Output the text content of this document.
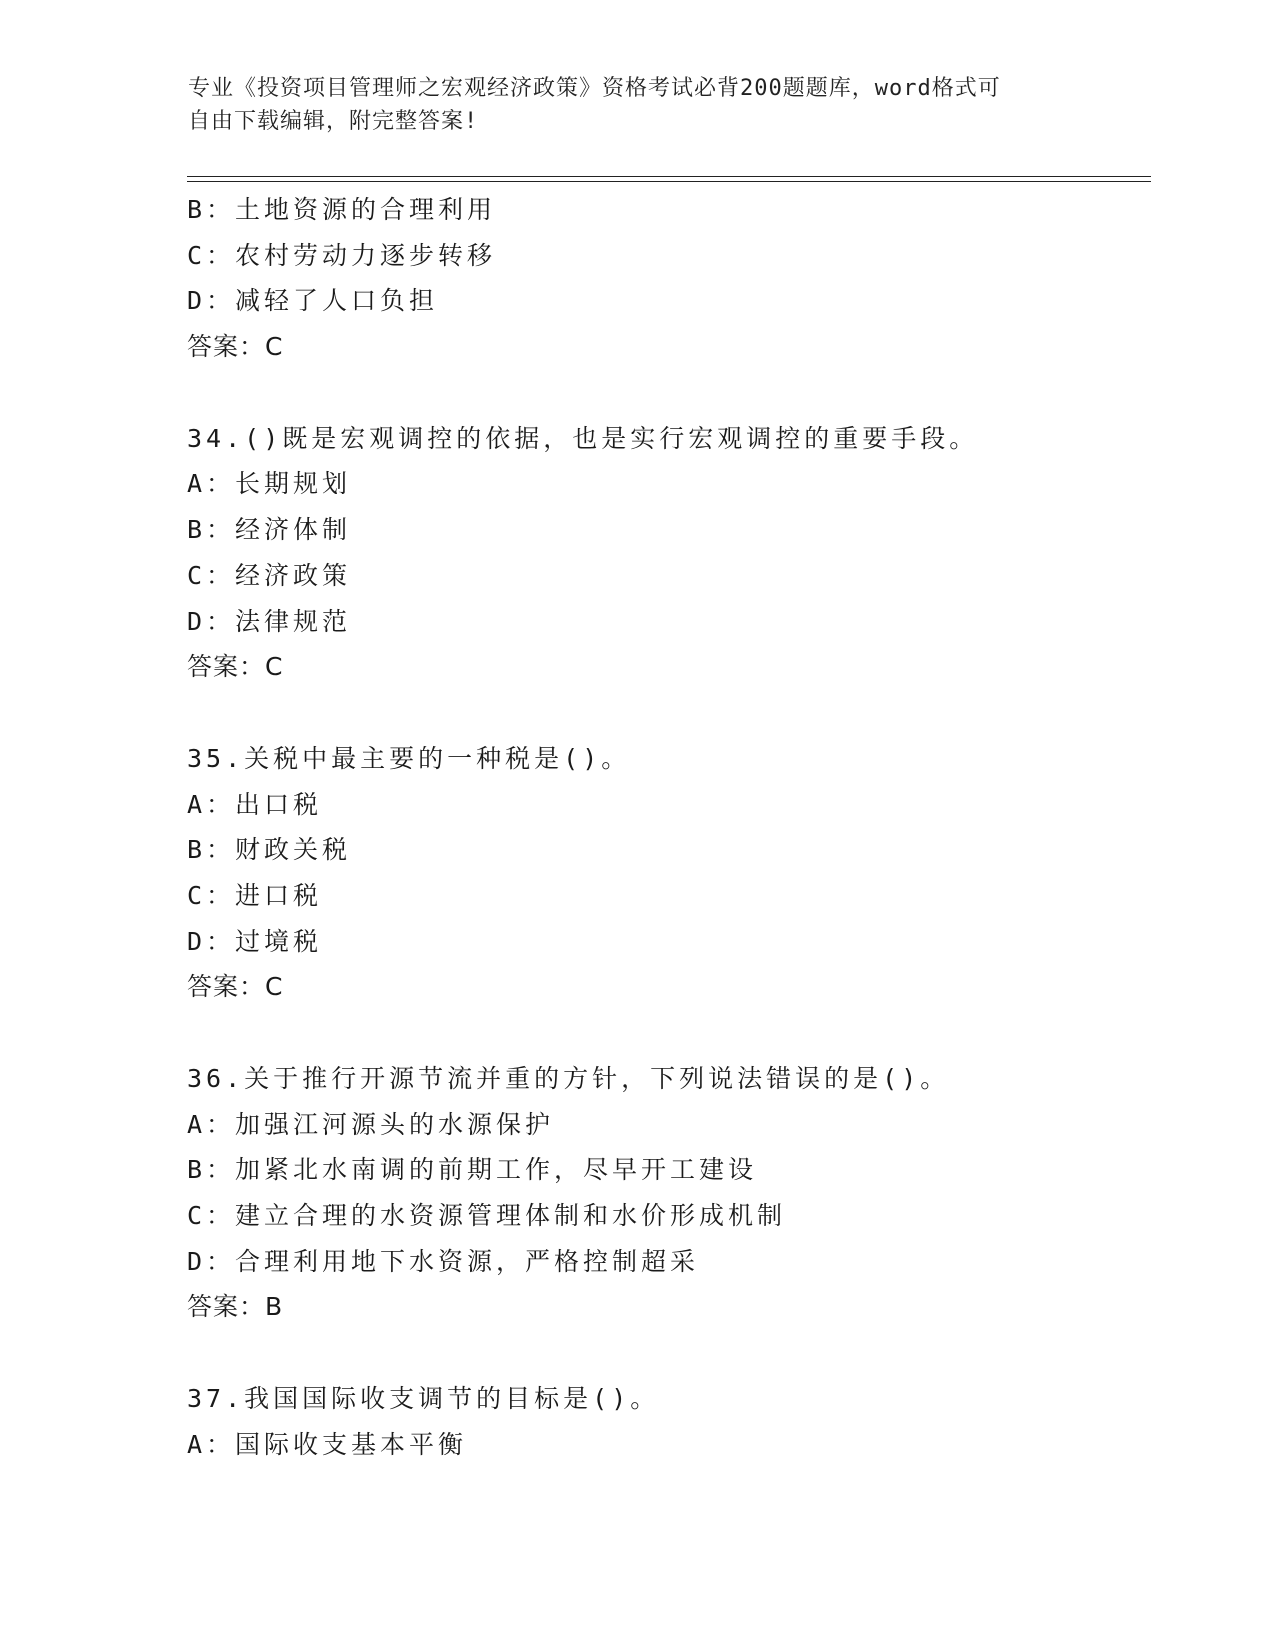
专业《投资项目管理师之宏观经济政策》资格考试必背200题题库，word格式可
自由下载编辑，附完整答案!
B：土地资源的合理利用
C：农村劳动力逐步转移
D：减轻了人口负担
答案：C
34.()既是宏观调控的依据，也是实行宏观调控的重要手段。
A：长期规划
B：经济体制
C：经济政策
D：法律规范
答案：C
35.关税中最主要的一种税是()。
A：出口税
B：财政关税
C：进口税
D：过境税
答案：C
36.关于推行开源节流并重的方针，下列说法错误的是()。
A：加强江河源头的水源保护
B：加紧北水南调的前期工作，尽早开工建设
C：建立合理的水资源管理体制和水价形成机制
D：合理利用地下水资源，严格控制超采
答案：B
37.我国国际收支调节的目标是()。
A：国际收支基本平衡
